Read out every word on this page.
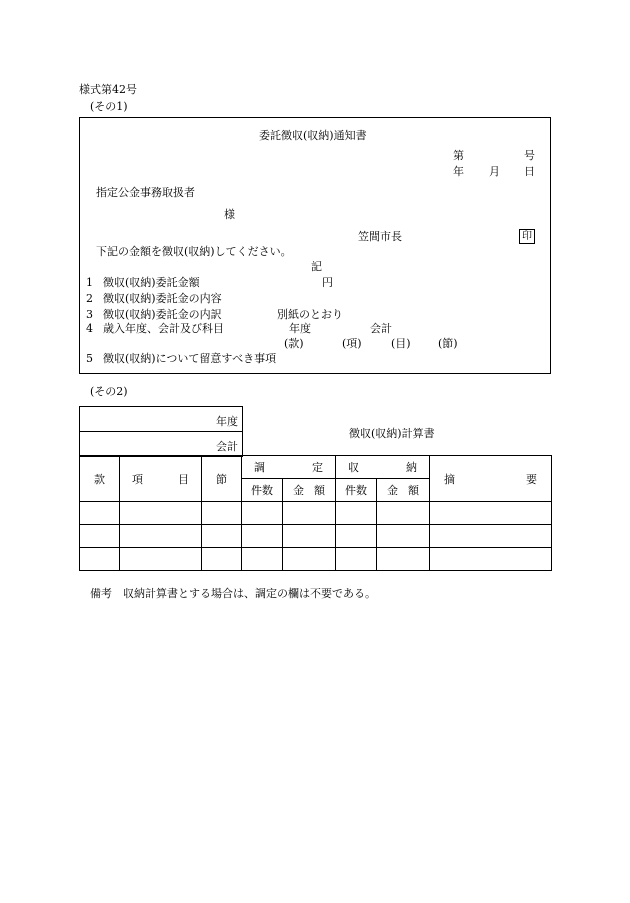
様式第42号
(その1)
委託徴収(収納)通知書
第	号
年 月 日
指定公金事務取扱者
様
笠間市長	印
下記の金額を徴収(収納)してください。
記
1 徴収(収納)委託金額	円
2 徴収(収納)委託金の内容
3 徴収(収納)委託金の内訳	別紙のとおり
4 歳入年度、会計及び科目	年度	会計
(款)	(項)	(目) (節)
5 徴収(収納)について留意すべき事項
(その2)
年度
会計
徴収(収納)計算書
款	項 目	節	調 定		収 納		摘 要

			件数	金 額	件数	金 額	

備考　収納計算書とする場合は、調定の欄は不要である。
